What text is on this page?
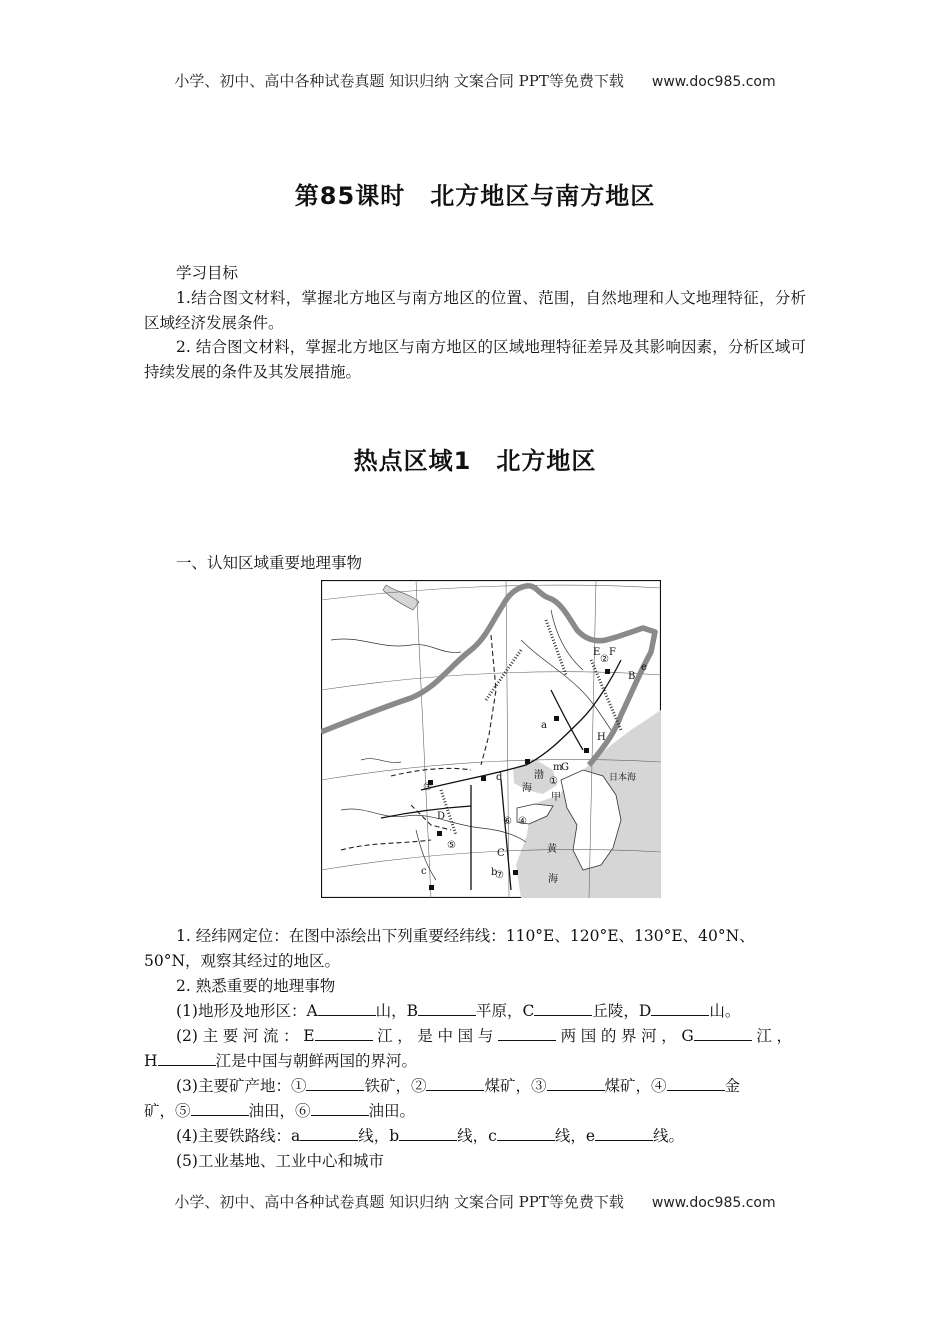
小学、初中、高中各种试卷真题 知识归纳 文案合同 PPT等免费下载 www.doc985.com
第85课时　北方地区与南方地区
学习目标
1.结合图文材料，掌握北方地区与南方地区的位置、范围，自然地理和人文地理特征，分析区域经济发展条件。
2. 结合图文材料，掌握北方地区与南方地区的区域地理特征差异及其影响因素，分析区域可持续发展的条件及其发展措施。
热点区域1　北方地区
一、认知区域重要地理事物
E
②
F
B
e
a
H
m
G
①
渤
海
甲
日本海
③
d
⑥ ④
D
⑤
C	黄
海
c	b
⑦
1. 经纬网定位：在图中添绘出下列重要经纬线：110°E、120°E、130°E、40°N、
50°N，观察其经过的地区。
2. 熟悉重要的地理事物
(1)地形及地形区：A	山，B	平原，C	丘陵，D	山。
(2)主要河流：E	江，是中国与	两国的界河，G	江，
H	江是中国与朝鲜两国的界河。
(3)主要矿产地：①	铁矿，②	煤矿，③	煤矿，④	金
矿，⑤	油田，⑥	油田。
(4)主要铁路线：a	线，b	线，c	线，e	线。
(5)工业基地、工业中心和城市
小学、初中、高中各种试卷真题 知识归纳 文案合同 PPT等免费下载 www.doc985.com
